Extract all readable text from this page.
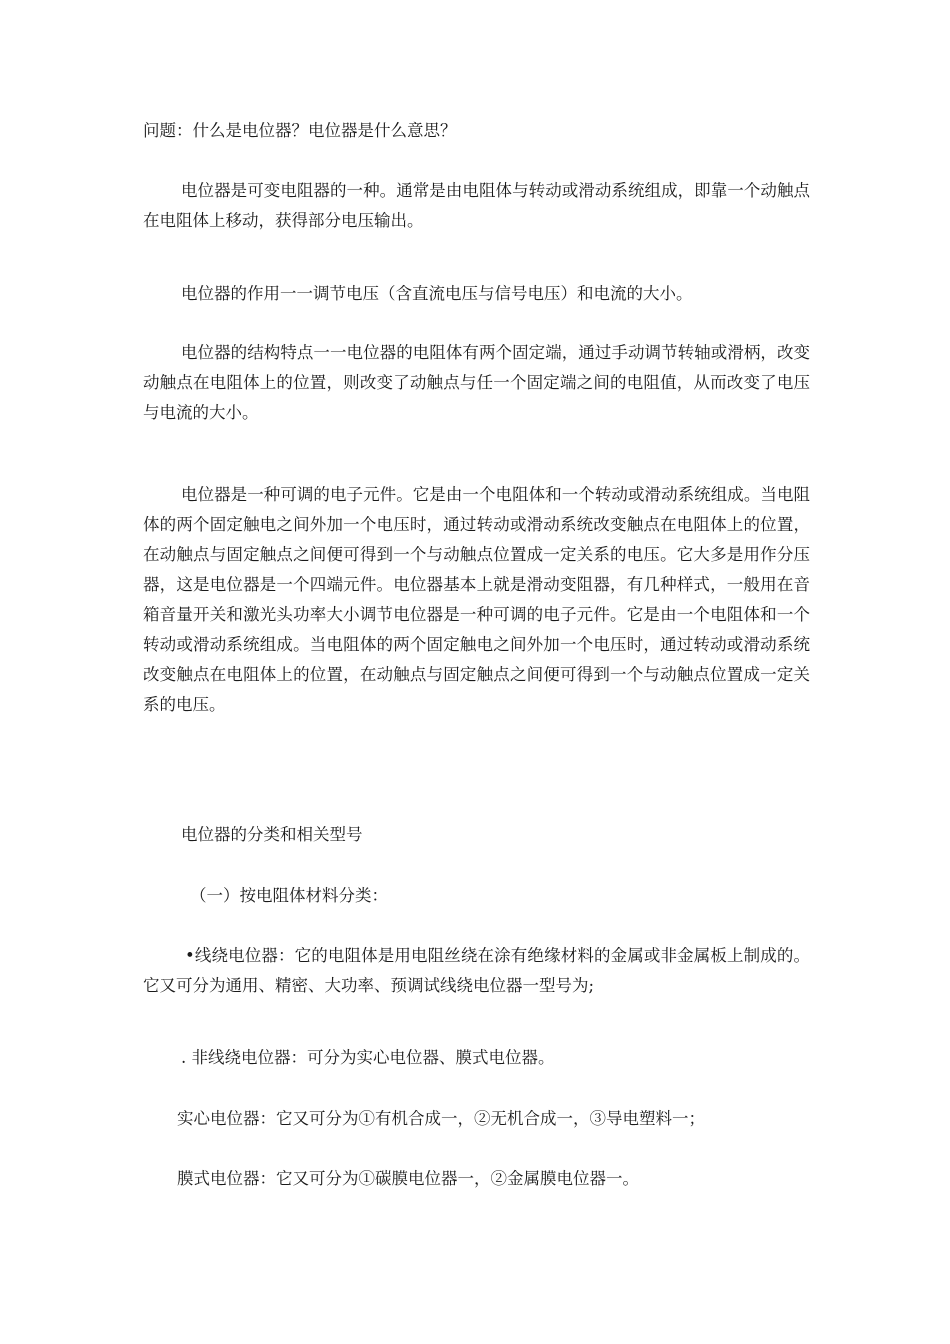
问题：什么是电位器？电位器是什么意思？

电位器是可变电阻器的一种。通常是由电阻体与转动或滑动系统组成，即靠一个动触点在电阻体上移动，获得部分电压输出。

电位器的作用一一调节电压（含直流电压与信号电压）和电流的大小。

电位器的结构特点一一电位器的电阻体有两个固定端，通过手动调节转轴或滑柄，改变动触点在电阻体上的位置，则改变了动触点与任一个固定端之间的电阻值，从而改变了电压与电流的大小。

电位器是一种可调的电子元件。它是由一个电阻体和一个转动或滑动系统组成。当电阻体的两个固定触电之间外加一个电压时，通过转动或滑动系统改变触点在电阻体上的位置，在动触点与固定触点之间便可得到一个与动触点位置成一定关系的电压。它大多是用作分压器，这是电位器是一个四端元件。电位器基本上就是滑动变阻器，有几种样式，一般用在音箱音量开关和激光头功率大小调节电位器是一种可调的电子元件。它是由一个电阻体和一个转动或滑动系统组成。当电阻体的两个固定触电之间外加一个电压时，通过转动或滑动系统改变触点在电阻体上的位置，在动触点与固定触点之间便可得到一个与动触点位置成一定关系的电压。

电位器的分类和相关型号

（一）按电阻体材料分类：

•线绕电位器：它的电阻体是用电阻丝绕在涂有绝缘材料的金属或非金属板上制成的。它又可分为通用、精密、大功率、预调试线绕电位器一型号为;

. 非线绕电位器：可分为实心电位器、膜式电位器。

实心电位器：它又可分为①有机合成一，②无机合成一，③导电塑料一；

膜式电位器：它又可分为①碳膜电位器一，②金属膜电位器一。
